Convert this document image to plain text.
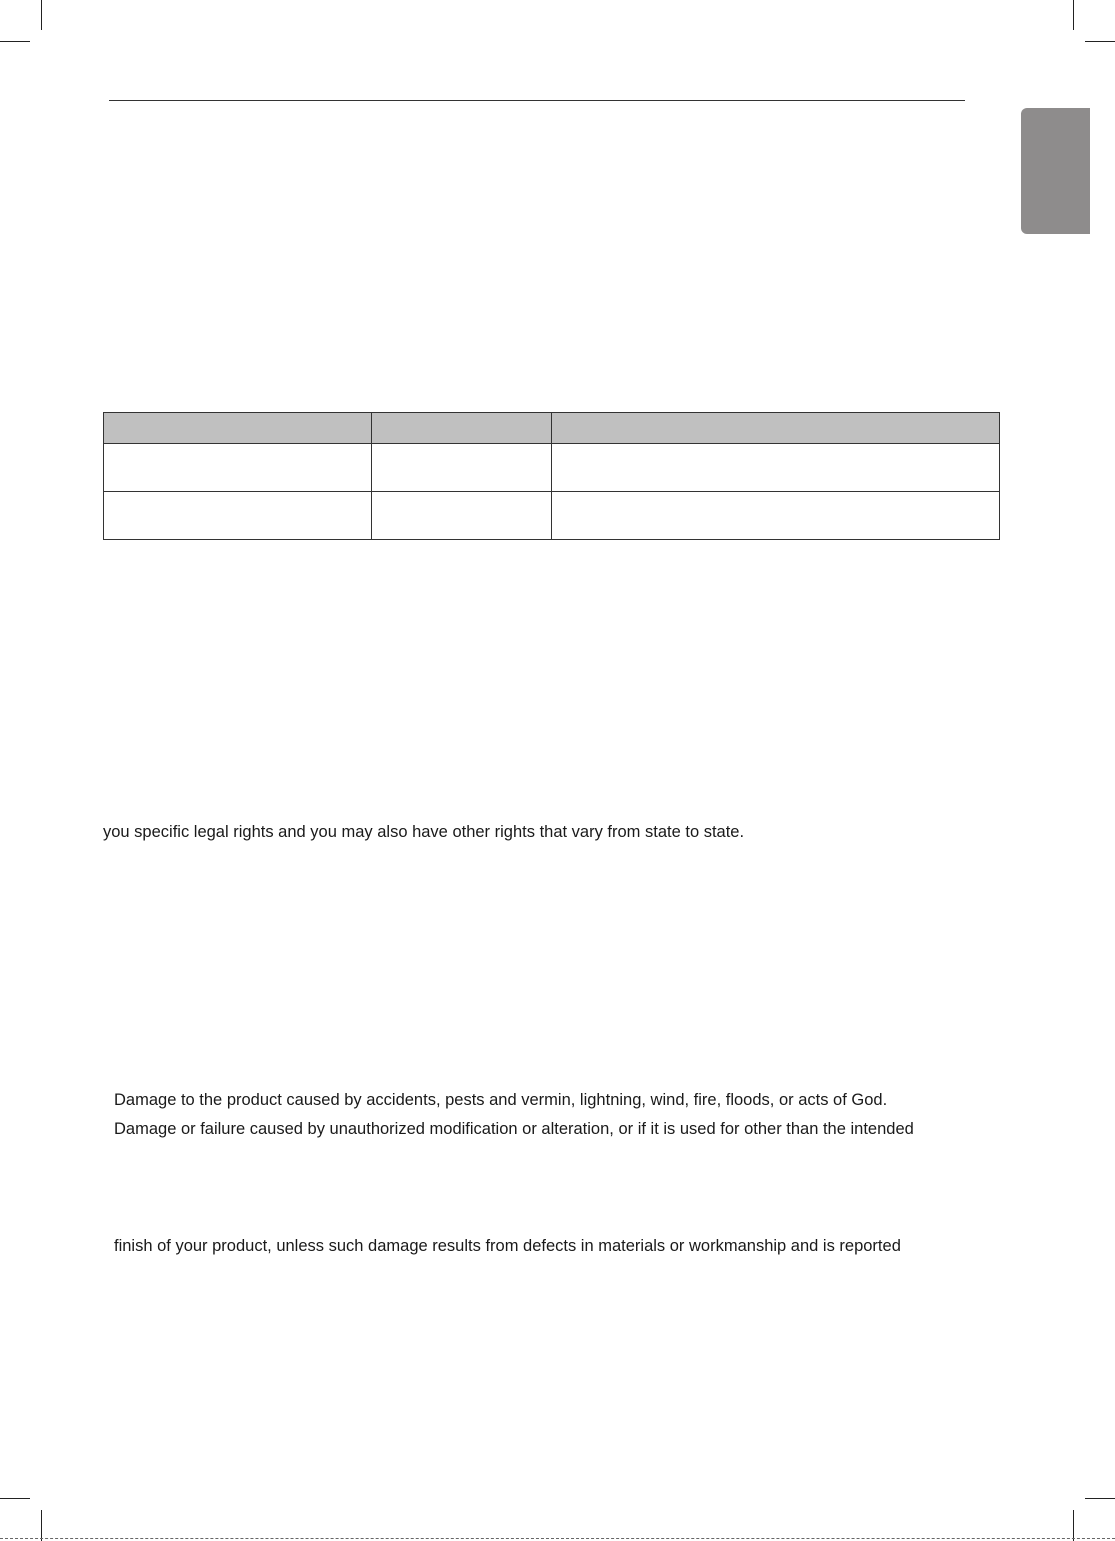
you specific legal rights and you may also have other rights that vary from state to state.
Damage to the product caused by accidents, pests and vermin, lightning, wind, fire, floods, or acts of God.
Damage or failure caused by unauthorized modification or alteration, or if it is used for other than the intended
finish of your product, unless such damage results from defects in materials or workmanship and is reported
